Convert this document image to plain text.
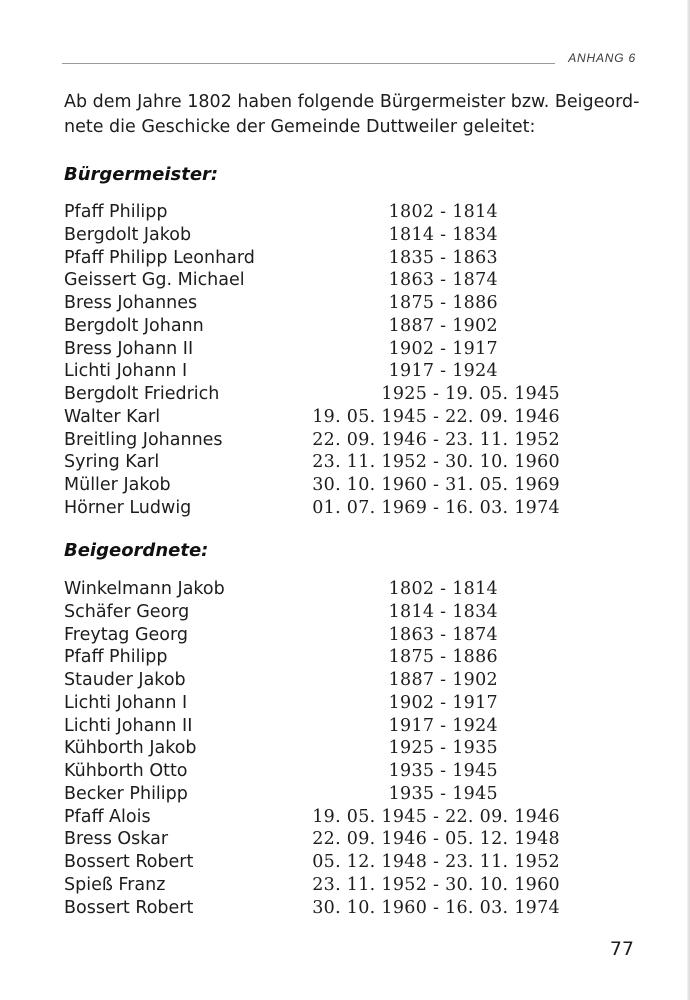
ANHANG 6
Ab dem Jahre 1802 haben folgende Bürgermeister bzw. Beigeord-
nete die Geschicke der Gemeinde Duttweiler geleitet:
Bürgermeister:
Pfaff Philipp	1802 - 1814
Bergdolt Jakob	1814 - 1834
Pfaff Philipp Leonhard	1835 - 1863
Geissert Gg. Michael	1863 - 1874
Bress Johannes	1875 - 1886
Bergdolt Johann	1887 - 1902
Bress Johann II	1902 - 1917
Lichti Johann I	1917 - 1924
Bergdolt Friedrich	1925 - 19. 05. 1945
Walter Karl	19. 05. 1945 - 22. 09. 1946
Breitling Johannes	22. 09. 1946 - 23. 11. 1952
Syring Karl	23. 11. 1952 - 30. 10. 1960
Müller Jakob	30. 10. 1960 - 31. 05. 1969
Hörner Ludwig	01. 07. 1969 - 16. 03. 1974
Beigeordnete:
Winkelmann Jakob	1802 - 1814
Schäfer Georg	1814 - 1834
Freytag Georg	1863 - 1874
Pfaff Philipp	1875 - 1886
Stauder Jakob	1887 - 1902
Lichti Johann I	1902 - 1917
Lichti Johann II	1917 - 1924
Kühborth Jakob	1925 - 1935
Kühborth Otto	1935 - 1945
Becker Philipp	1935 - 1945
Pfaff Alois	19. 05. 1945 - 22. 09. 1946
Bress Oskar	22. 09. 1946 - 05. 12. 1948
Bossert Robert	05. 12. 1948 - 23. 11. 1952
Spieß Franz	23. 11. 1952 - 30. 10. 1960
Bossert Robert	30. 10. 1960 - 16. 03. 1974
77
